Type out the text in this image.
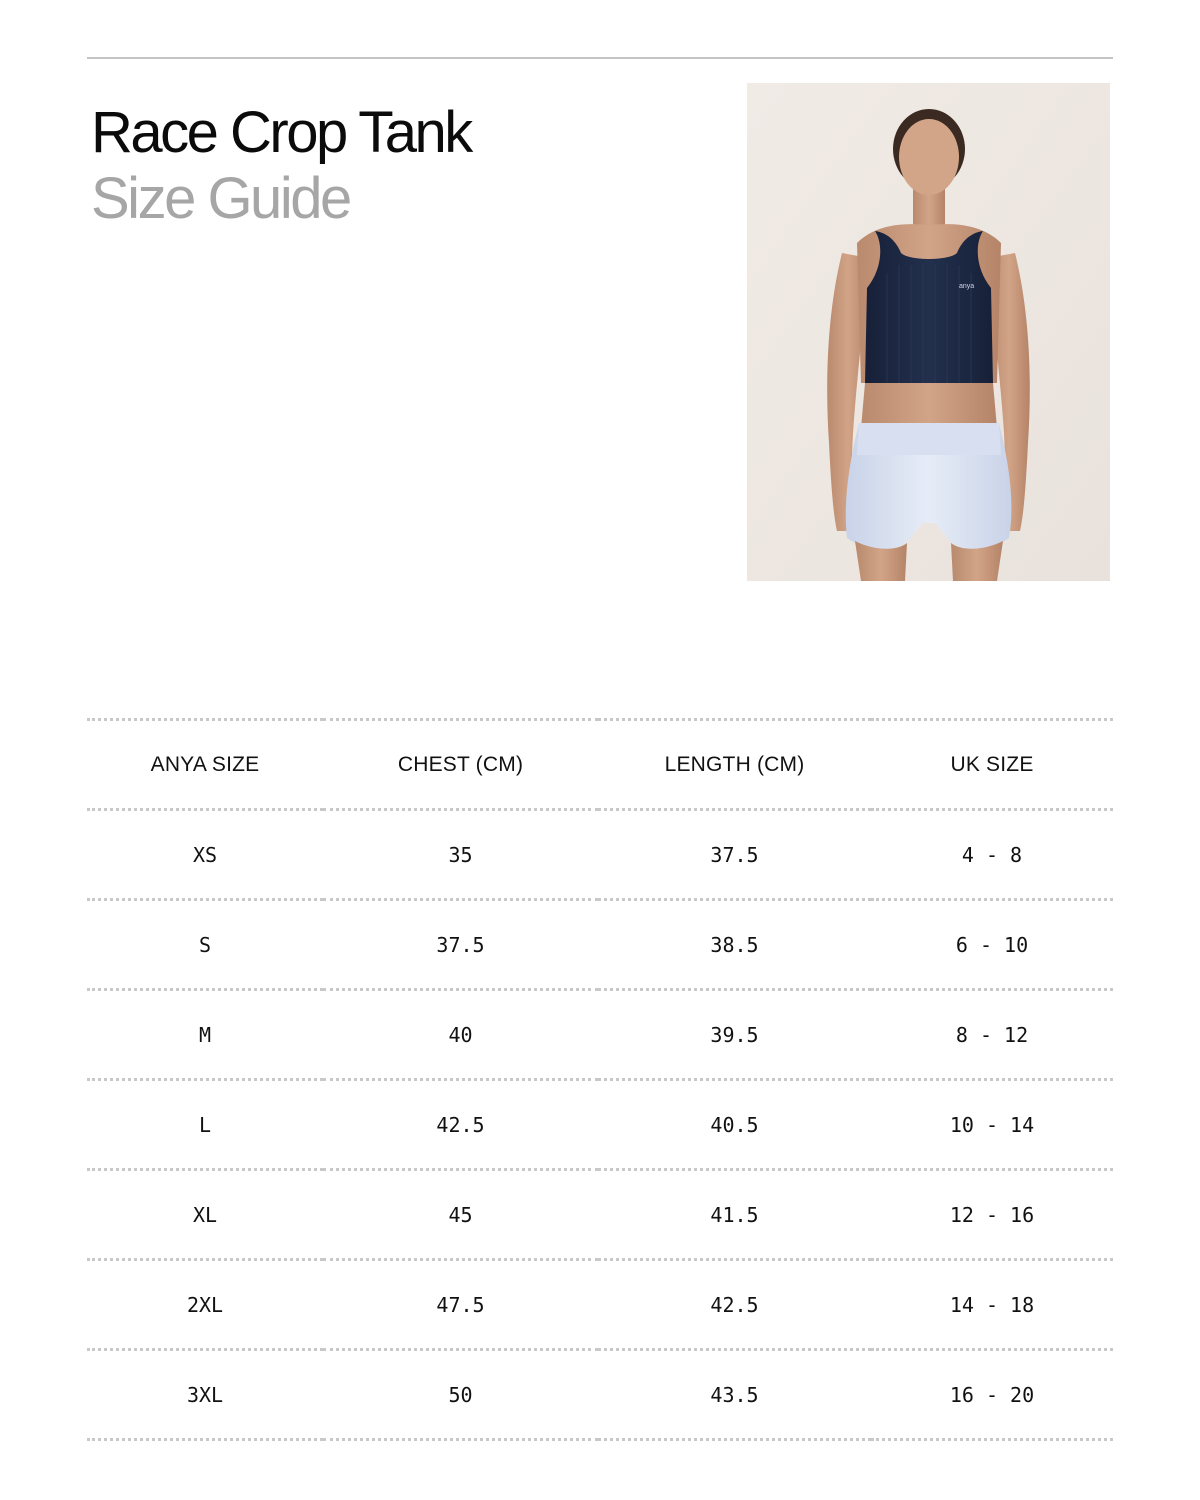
Race Crop Tank
Size Guide
anya
ANYA SIZE	CHEST (CM)	LENGTH (CM)	UK SIZE
XS	35	37.5	4 - 8
S	37.5	38.5	6 - 10
M	40	39.5	8 - 12
L	42.5	40.5	10 - 14
XL	45	41.5	12 - 16
2XL	47.5	42.5	14 - 18
3XL	50	43.5	16 - 20
